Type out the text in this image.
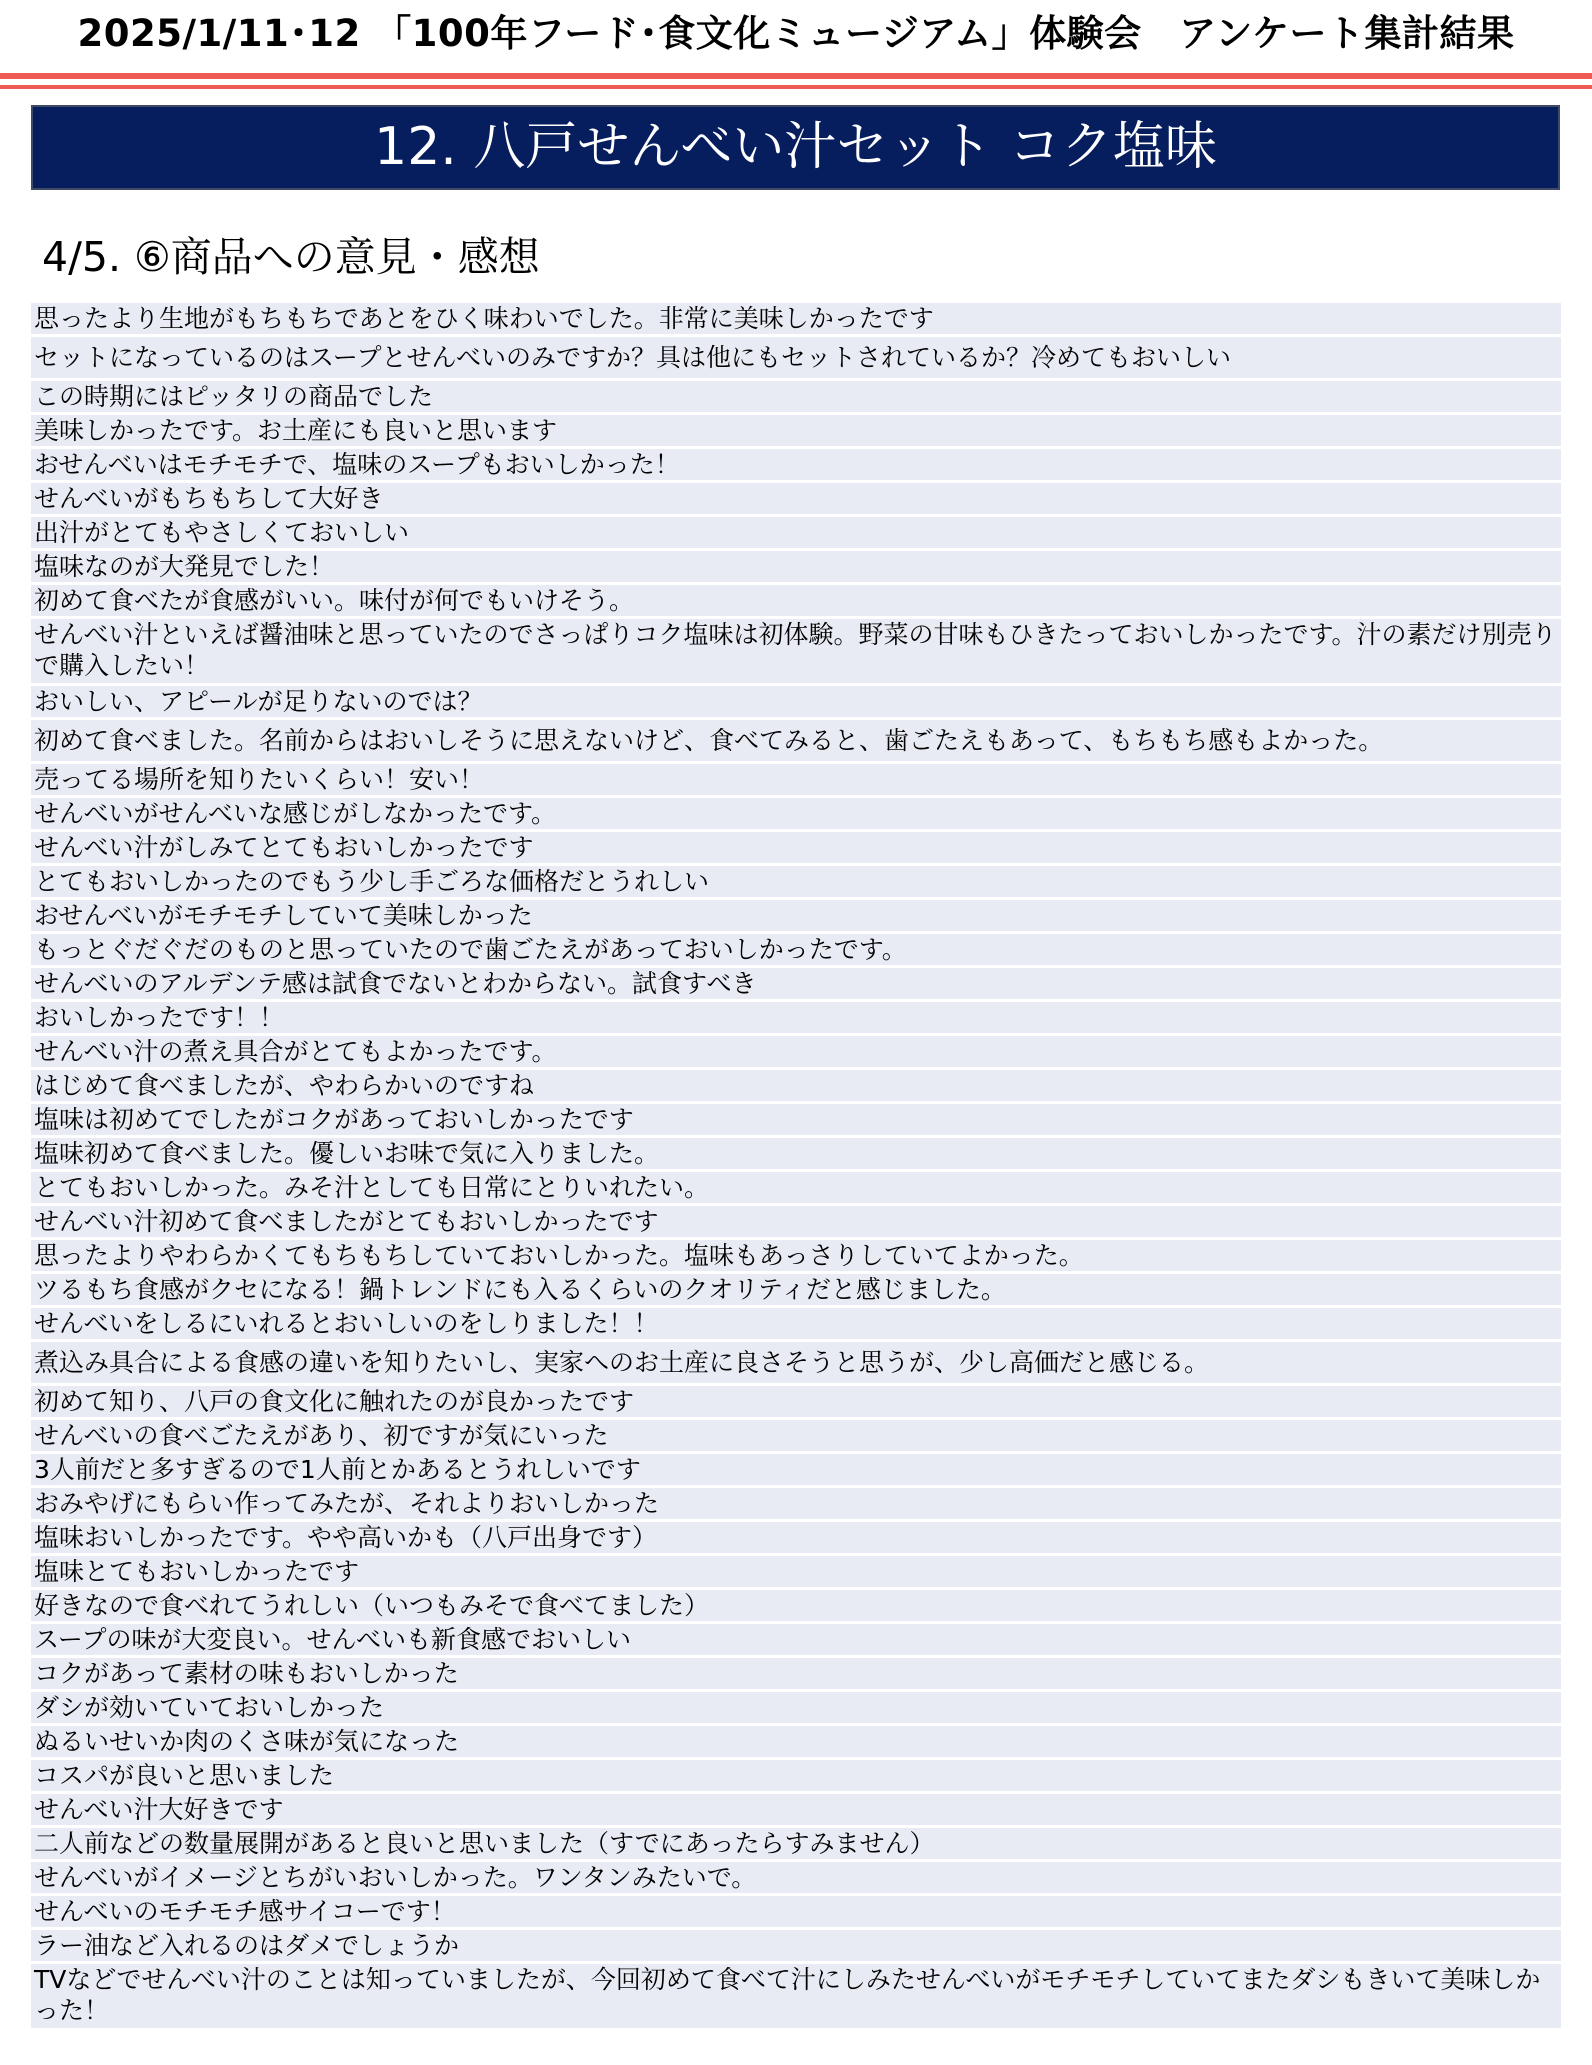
2025/1/11･12 「100年フード･食文化ミュージアム」体験会　アンケート集計結果
12. 八戸せんべい汁セット コク塩味
4/5. ⑥商品への意見・感想
思ったより生地がもちもちであとをひく味わいでした。非常に美味しかったです
セットになっているのはスープとせんべいのみですか？具は他にもセットされているか？冷めてもおいしい
この時期にはピッタリの商品でした
美味しかったです。お土産にも良いと思います
おせんべいはモチモチで、塩味のスープもおいしかった！
せんべいがもちもちして大好き
出汁がとてもやさしくておいしい
塩味なのが大発見でした！
初めて食べたが食感がいい。味付が何でもいけそう。
せんべい汁といえば醤油味と思っていたのでさっぱりコク塩味は初体験。野菜の甘味もひきたっておいしかったです。汁の素だけ別売りで購入したい！
おいしい、アピールが足りないのでは？
初めて食べました。名前からはおいしそうに思えないけど、食べてみると、歯ごたえもあって、もちもち感もよかった。
売ってる場所を知りたいくらい！安い！
せんべいがせんべいな感じがしなかったです。
せんべい汁がしみてとてもおいしかったです
とてもおいしかったのでもう少し手ごろな価格だとうれしい
おせんべいがモチモチしていて美味しかった
もっとぐだぐだのものと思っていたので歯ごたえがあっておいしかったです。
せんべいのアルデンテ感は試食でないとわからない。試食すべき
おいしかったです！！
せんべい汁の煮え具合がとてもよかったです。
はじめて食べましたが、やわらかいのですね
塩味は初めてでしたがコクがあっておいしかったです
塩味初めて食べました。優しいお味で気に入りました。
とてもおいしかった。みそ汁としても日常にとりいれたい。
せんべい汁初めて食べましたがとてもおいしかったです
思ったよりやわらかくてもちもちしていておいしかった。塩味もあっさりしていてよかった。
ツるもち食感がクセになる！鍋トレンドにも入るくらいのクオリティだと感じました。
せんべいをしるにいれるとおいしいのをしりました！！
煮込み具合による食感の違いを知りたいし、実家へのお土産に良さそうと思うが、少し高価だと感じる。
初めて知り、八戸の食文化に触れたのが良かったです
せんべいの食べごたえがあり、初ですが気にいった
3人前だと多すぎるので1人前とかあるとうれしいです
おみやげにもらい作ってみたが、それよりおいしかった
塩味おいしかったです。やや高いかも（八戸出身です）
塩味とてもおいしかったです
好きなので食べれてうれしい（いつもみそで食べてました）
スープの味が大変良い。せんべいも新食感でおいしい
コクがあって素材の味もおいしかった
ダシが効いていておいしかった
ぬるいせいか肉のくさ味が気になった
コスパが良いと思いました
せんべい汁大好きです
二人前などの数量展開があると良いと思いました（すでにあったらすみません）
せんべいがイメージとちがいおいしかった。ワンタンみたいで。
せんべいのモチモチ感サイコーです！
ラー油など入れるのはダメでしょうか
TVなどでせんべい汁のことは知っていましたが、今回初めて食べて汁にしみたせんべいがモチモチしていてまたダシもきいて美味しかった！
